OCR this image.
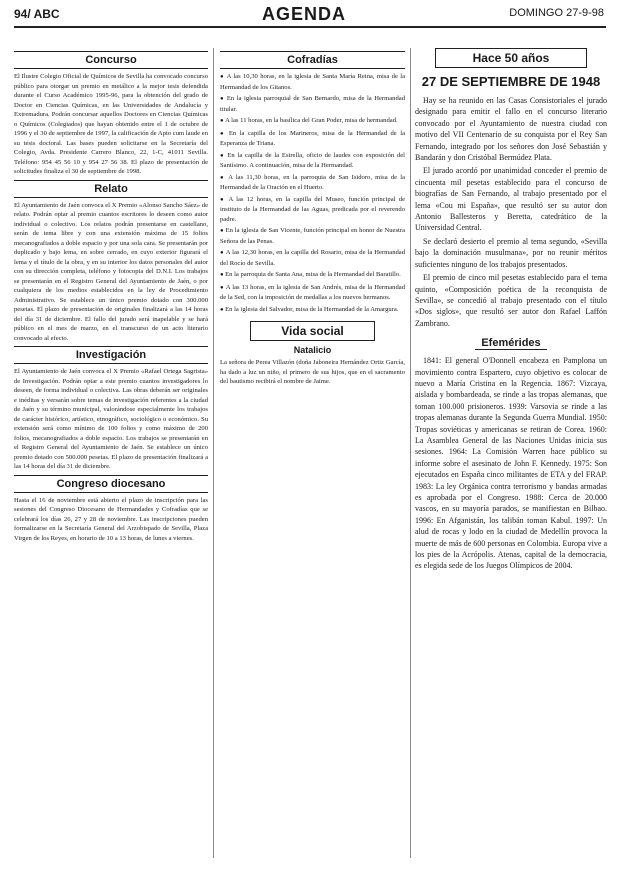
94/ ABC	AGENDA	DOMINGO 27-9-98
Concurso

El Ilustre Colegio Oficial de Químicos de Sevilla ha convocado concurso público para otorgar un premio en metálico a la mejor tesis defendida durante el Curso Académico 1995-96, para la obtención del grado de Doctor en Ciencias Químicas, en las Universidades de Andalucía y Extremadura. Podrán concursar aquellos Doctores en Ciencias Químicas o Químicos (Colegiados) que hayan obtenido entre el 1 de octubre de 1996 y el 30 de septiembre de 1997, la calificación de Apto cum laude en su tesis doctoral. Las bases pueden solicitarse en la Secretaría del Colegio, Avda. Presidente Carrero Blanco, 22, 1-C, 41011 Sevilla. Teléfono: 954 45 56 10 y 954 27 56 38. El plazo de presentación de solicitudes finaliza el 30 de septiembre de 1998.

Relato

El Ayuntamiento de Jaén convoca el X Premio «Alonso Sancho Sáez» de relato. Podrán optar al premio cuantos escritores lo deseen como autor individual o colectivo. Los relatos podrán presentarse en castellano, serán de tema libre y con una extensión máxima de 15 folios mecanografiados a doble espacio y por una sola cara. Se presentarán por duplicado y bajo lema, en sobre cerrado, en cuyo exterior figurará el lema y el título de la obra, y en su interior los datos personales del autor con su dirección completa, teléfono y fotocopia del D.N.I. Los trabajos se presentarán en el Registro General del Ayuntamiento de Jaén, o por cualquiera de los medios establecidos en la ley de Procedimiento Administrativo. Se establece un único premio dotado con 300.000 pesetas. El plazo de presentación de originales finalizará a las 14 horas del día 31 de diciembre. El fallo del jurado será inapelable y se hará público en el mes de marzo, en el transcurso de un acto literario convocado al efecto.

Investigación

El Ayuntamiento de Jaén convoca el X Premio «Rafael Ortega Sagrista» de Investigación. Podrán optar a este premio cuantos investigadores lo deseen, de forma individual o colectiva. Las obras deberán ser originales e inéditas y versarán sobre temas de investigación referentes a la ciudad de Jaén y su término municipal, valorándose especialmente los trabajos de carácter histórico, artístico, etnográfico, sociológico o económico. Su extensión será como mínimo de 100 folios y como máximo de 200 folios, mecanografiados a doble espacio. Los trabajos se presentarán en el Registro General del Ayuntamiento de Jaén. Se establece un único premio dotado con 500.000 pesetas. El plazo de presentación finalizará a las 14 horas del día 31 de diciembre.

Congreso diocesano

Hasta el 16 de noviembre está abierto el plazo de inscripción para las sesiones del Congreso Diocesano de Hermandades y Cofradías que se celebrará los días 26, 27 y 28 de noviembre. Las inscripciones pueden formalizarse en la Secretaría General del Arzobispado de Sevilla, Plaza Virgen de los Reyes, en horario de 10 a 13 horas, de lunes a viernes.

Cofradías

● A las 10,30 horas, en la iglesia de Santa María Reina, misa de la Hermandad de los Gitanos.

● En la iglesia parroquial de San Bernardo, misa de la Hermandad titular.

● A las 11 horas, en la basílica del Gran Poder, misa de hermandad.

● En la capilla de los Marineros, misa de la Hermandad de la Esperanza de Triana.

● En la capilla de la Estrella, oficio de laudes con exposición del Santísimo. A continuación, misa de la Hermandad.

● A las 11,30 horas, en la parroquia de San Isidoro, misa de la Hermandad de la Oración en el Huerto.

● A las 12 horas, en la capilla del Museo, función principal de instituto de la Hermandad de las Aguas, predicada por el reverendo padre.

● En la iglesia de San Vicente, función principal en honor de Nuestra Señora de las Penas.

● A las 12,30 horas, en la capilla del Rosario, misa de la Hermandad del Rocío de Sevilla.

● En la parroquia de Santa Ana, misa de la Hermandad del Baratillo.

● A las 13 horas, en la iglesia de San Andrés, misa de la Hermandad de la Sed, con la imposición de medallas a los nuevos hermanos.

● En la iglesia del Salvador, misa de la Hermandad de la Amargura.

Vida social
Natalicio

La señora de Perea Villazón (doña Jaboneira Hernández Ortiz García, ha dado a luz un niño, el primero de sus hijos, que en el sacramento del bautismo recibirá el nombre de Jaime.

Hace 50 años
27 DE SEPTIEMBRE DE 1948

Hay se ha reunido en las Casas Consistoriales el jurado designado para emitir el fallo en el concurso literario convocado por el Ayuntamiento de nuestra ciudad con motivo del VII Centenario de su conquista por el Rey San Fernando, integrado por los señores don José Sebastián y Bandarán y don Cristóbal Bermúdez Plata.

El jurado acordó por unanimidad conceder el premio de cincuenta mil pesetas establecido para el concurso de biografías de San Fernando, al trabajo presentado por el lema «Cou mi España», que resultó ser su autor don Antonio Ballesteros y Beretta, catedrático de la Universidad Central.

Se declaró desierto el premio al tema segundo, «Sevilla bajo la dominación musulmana», por no reunir méritos suficientes ninguno de los trabajos presentados.

El premio de cinco mil pesetas establecido para el tema quinto, «Composición poética de la reconquista de Sevilla», se concedió al trabajo presentado con el título «Dos siglos», que resultó ser autor don Rafael Laffón Zambrano.

Efemérides

1841: El general O'Donnell encabeza en Pamplona un movimiento contra Espartero, cuyo objetivo es colocar de nuevo a María Cristina en la Regencia. 1867: Vizcaya, aislada y bombardeada, se rinde a las tropas alemanas, que toman 100.000 prisioneros. 1939: Varsovia se rinde a las tropas alemanas durante la Segunda Guerra Mundial. 1950: Tropas soviéticas y americanas se retiran de Corea. 1960: La Asamblea General de las Naciones Unidas inicia sus sesiones. 1964: La Comisión Warren hace público su informe sobre el asesinato de John F. Kennedy. 1975: Son ejecutados en España cinco militantes de ETA y del FRAP. 1983: La ley Orgánica contra terrorismo y bandas armadas es aprobada por el Congreso. 1988: Cerca de 20.000 vascos, en su mayoría parados, se manifiestan en Bilbao. 1996: En Afganistán, los talibán toman Kabul. 1997: Un alud de rocas y lodo en la ciudad de Medellín provoca la muerte de más de 600 personas en Colombia. Europa vive a los pies de la Acrópolis. Atenas, capital de la democracia, es elegida sede de los Juegos Olímpicos de 2004.
